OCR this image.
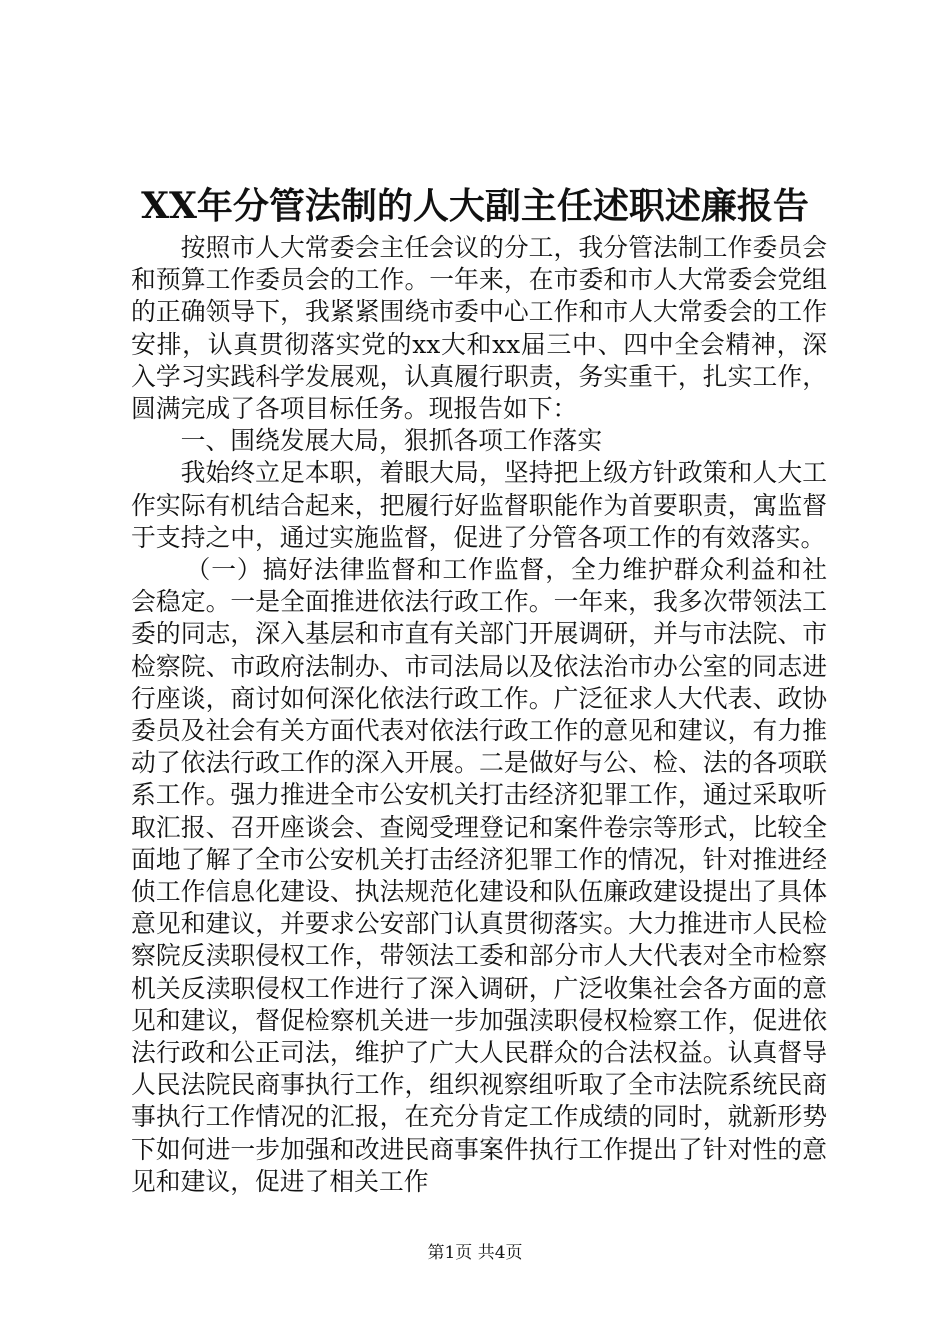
XX年分管法制的人大副主任述职述廉报告

按照市人大常委会主任会议的分工，我分管法制工作委员会和预算工作委员会的工作。一年来，在市委和市人大常委会党组的正确领导下，我紧紧围绕市委中心工作和市人大常委会的工作安排，认真贯彻落实党的xx大和xx届三中、四中全会精神，深入学习实践科学发展观，认真履行职责，务实重干，扎实工作，圆满完成了各项目标任务。现报告如下：

一、围绕发展大局，狠抓各项工作落实

我始终立足本职，着眼大局，坚持把上级方针政策和人大工作实际有机结合起来，把履行好监督职能作为首要职责，寓监督于支持之中，通过实施监督，促进了分管各项工作的有效落实。

（一）搞好法律监督和工作监督，全力维护群众利益和社会稳定。一是全面推进依法行政工作。一年来，我多次带领法工委的同志，深入基层和市直有关部门开展调研，并与市法院、市检察院、市政府法制办、市司法局以及依法治市办公室的同志进行座谈，商讨如何深化依法行政工作。广泛征求人大代表、政协委员及社会有关方面代表对依法行政工作的意见和建议，有力推动了依法行政工作的深入开展。二是做好与公、检、法的各项联系工作。强力推进全市公安机关打击经济犯罪工作，通过采取听取汇报、召开座谈会、查阅受理登记和案件卷宗等形式，比较全面地了解了全市公安机关打击经济犯罪工作的情况，针对推进经侦工作信息化建设、执法规范化建设和队伍廉政建设提出了具体意见和建议，并要求公安部门认真贯彻落实。大力推进市人民检察院反渎职侵权工作，带领法工委和部分市人大代表对全市检察机关反渎职侵权工作进行了深入调研，广泛收集社会各方面的意见和建议，督促检察机关进一步加强渎职侵权检察工作，促进依法行政和公正司法，维护了广大人民群众的合法权益。认真督导人民法院民商事执行工作，组织视察组听取了全市法院系统民商事执行工作情况的汇报，在充分肯定工作成绩的同时，就新形势下如何进一步加强和改进民商事案件执行工作提出了针对性的意见和建议，促进了相关工作

第1页 共4页
